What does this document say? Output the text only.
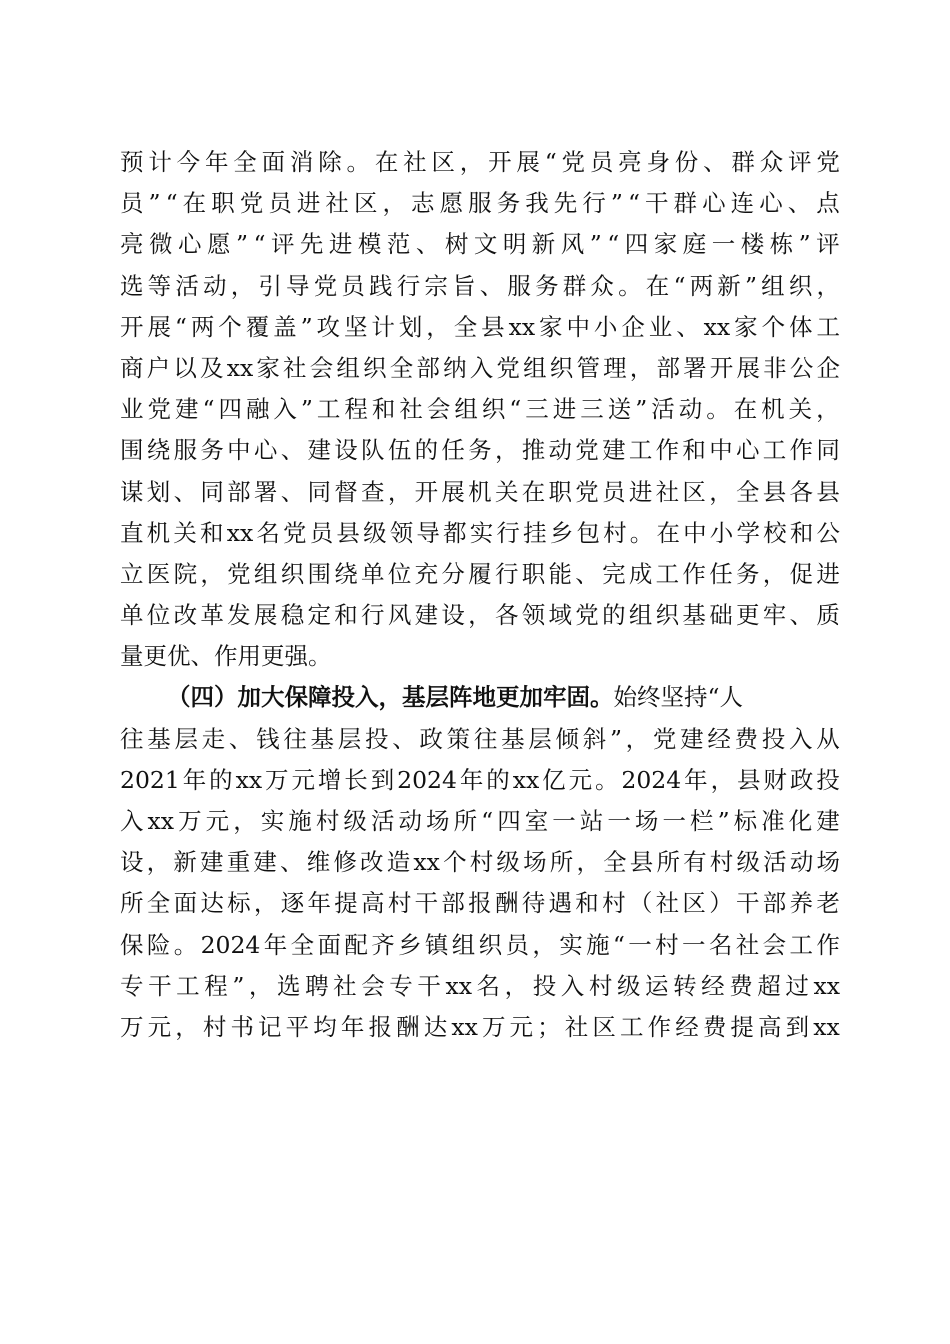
预 计 今 年 全 面 消 除 。 在 社 区 ， 开 展 “ 党 员 亮 身 份 、 群 众 评 党
员 ” “ 在 职 党 员 进 社 区 ， 志 愿 服 务 我 先 行 ” “ 干 群 心 连 心 、 点
亮 微 心 愿 ” “ 评 先 进 模 范 、 树 文 明 新 风 ” “ 四 家 庭 一 楼 栋 ” 评
选 等 活 动 ， 引 导 党 员 践 行 宗 旨 、 服 务 群 众 。 在 “ 两 新 ” 组 织 ，
开 展 “ 两 个 覆 盖 ” 攻 坚 计 划 ， 全 县 xx 家 中 小 企 业 、 xx 家 个 体 工
商 户 以 及 xx 家 社 会 组 织 全 部 纳 入 党 组 织 管 理 ， 部 署 开 展 非 公 企
业 党 建 “ 四 融 入 ” 工 程 和 社 会 组 织 “ 三 进 三 送 ” 活 动 。 在 机 关 ，
围 绕 服 务 中 心 、 建 设 队 伍 的 任 务 ， 推 动 党 建 工 作 和 中 心 工 作 同
谋 划 、 同 部 署 、 同 督 查 ， 开 展 机 关 在 职 党 员 进 社 区 ， 全 县 各 县
直 机 关 和 xx 名 党 员 县 级 领 导 都 实 行 挂 乡 包 村 。 在 中 小 学 校 和 公
立 医 院 ， 党 组 织 围 绕 单 位 充 分 履 行 职 能 、 完 成 工 作 任 务 ， 促 进
单 位 改 革 发 展 稳 定 和 行 风 建 设 ， 各 领 域 党 的 组 织 基 础 更 牢 、 质
量更优、作用更强。
（四）加大保障投入，基层阵地更加牢固。 始终坚持“人
往 基 层 走 、 钱 往 基 层 投 、 政 策 往 基 层 倾 斜 ” ， 党 建 经 费 投 入 从
2021 年 的 xx 万 元 增 长 到 2024 年 的 xx 亿 元 。 2024 年 ， 县 财 政 投
入 xx 万 元 ， 实 施 村 级 活 动 场 所 “ 四 室 一 站 一 场 一 栏 ” 标 准 化 建
设 ， 新 建 重 建 、 维 修 改 造 xx 个 村 级 场 所 ， 全 县 所 有 村 级 活 动 场
所 全 面 达 标 ， 逐 年 提 高 村 干 部 报 酬 待 遇 和 村 （ 社 区 ） 干 部 养 老
保 险 。 2024 年 全 面 配 齐 乡 镇 组 织 员 ， 实 施 “ 一 村 一 名 社 会 工 作
专 干 工 程 ” ， 选 聘 社 会 专 干 xx 名 ， 投 入 村 级 运 转 经 费 超 过 xx
万 元 ， 村 书 记 平 均 年 报 酬 达 xx 万 元 ； 社 区 工 作 经 费 提 高 到 xx
